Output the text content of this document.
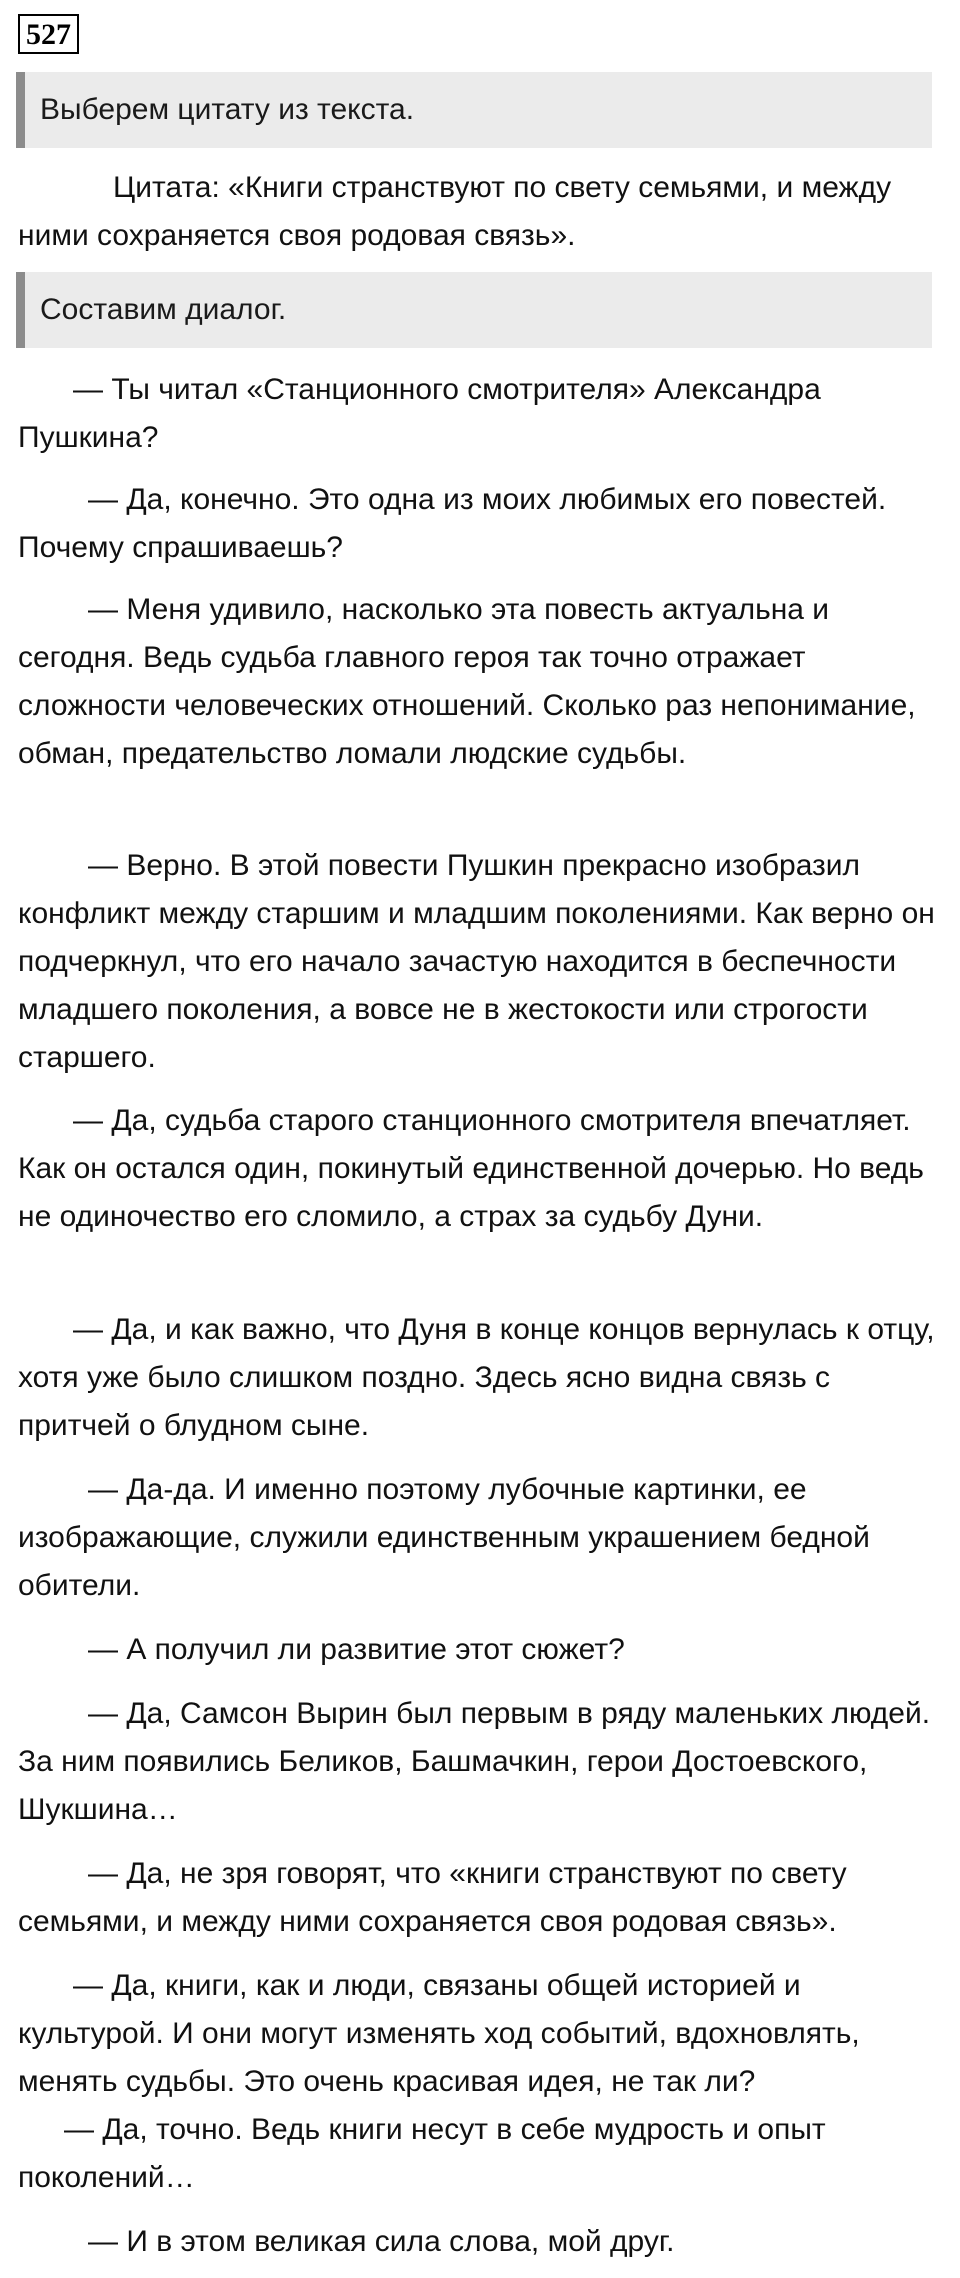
527
Выберем цитату из текста.

Цитата: «Книги странствуют по свету семьями, и между ними сохраняется своя родовая связь».

Составим диалог.

— Ты читал «Станционного смотрителя» Александра Пушкина?

— Да, конечно. Это одна из моих любимых его повестей. Почему спрашиваешь?

— Меня удивило, насколько эта повесть актуальна и сегодня. Ведь судьба главного героя так точно отражает сложности человеческих отношений. Сколько раз непонимание, обман, предательство ломали людские судьбы.

— Верно. В этой повести Пушкин прекрасно изобразил конфликт между старшим и младшим поколениями. Как верно он подчеркнул, что его начало зачастую находится в беспечности младшего поколения, а вовсе не в жестокости или строгости старшего.

— Да, судьба старого станционного смотрителя впечатляет. Как он остался один, покинутый единственной дочерью. Но ведь не одиночество его сломило, а страх за судьбу Дуни.

— Да, и как важно, что Дуня в конце концов вернулась к отцу, хотя уже было слишком поздно. Здесь ясно видна связь с притчей о блудном сыне.

— Да-да. И именно поэтому лубочные картинки, ее изображающие, служили единственным украшением бедной обители.

— А получил ли развитие этот сюжет?

— Да, Самсон Вырин был первым в ряду маленьких людей. За ним появились Беликов, Башмачкин, герои Достоевского, Шукшина…

— Да, не зря говорят, что «книги странствуют по свету семьями, и между ними сохраняется своя родовая связь».

— Да, книги, как и люди, связаны общей историей и культурой. И они могут изменять ход событий, вдохновлять, менять судьбы. Это очень красивая идея, не так ли?

— Да, точно. Ведь книги несут в себе мудрость и опыт поколений…

— И в этом великая сила слова, мой друг.
